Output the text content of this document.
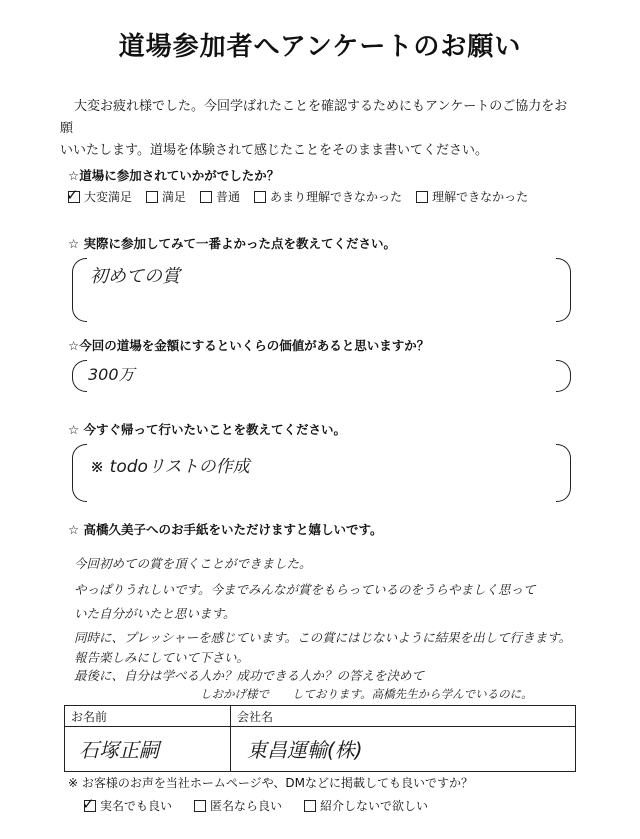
道場参加者へアンケートのお願い
大変お疲れ様でした。今回学ばれたことを確認するためにもアンケートのご協力をお願
いいたします。道場を体験されて感じたことをそのまま書いてください。
☆道場に参加されていかがでしたか？
✓ 大変満足	満足	普通	あまり理解できなかった	理解できなかった
☆ 実際に参加してみて一番よかった点を教えてください。
初めての賞
☆今回の道場を金額にするといくらの価値があると思いますか？
300万
☆ 今すぐ帰って行いたいことを教えてください。
※ todoリストの作成
☆ 高橋久美子へのお手紙をいただけますと嬉しいです。
今回初めての賞を頂くことができました。
やっぱりうれしいです。今までみんなが賞をもらっているのをうらやましく思って
いた自分がいたと思います。
同時に、プレッシャーを感じています。この賞にはじないように結果を出して行きます。
報告楽しみにしていて下さい。
最後に、自分は学べる人か？成功できる人か？の答えを決めて
しおかげ様で　　しております。高橋先生から学んでいるのに。
お名前	会社名
石塚正嗣	東昌運輸(株)
※ お客様のお声を当社ホームページや、DMなどに掲載しても良いですか？
✓ 実名でも良い	匿名なら良い	紹介しないで欲しい
